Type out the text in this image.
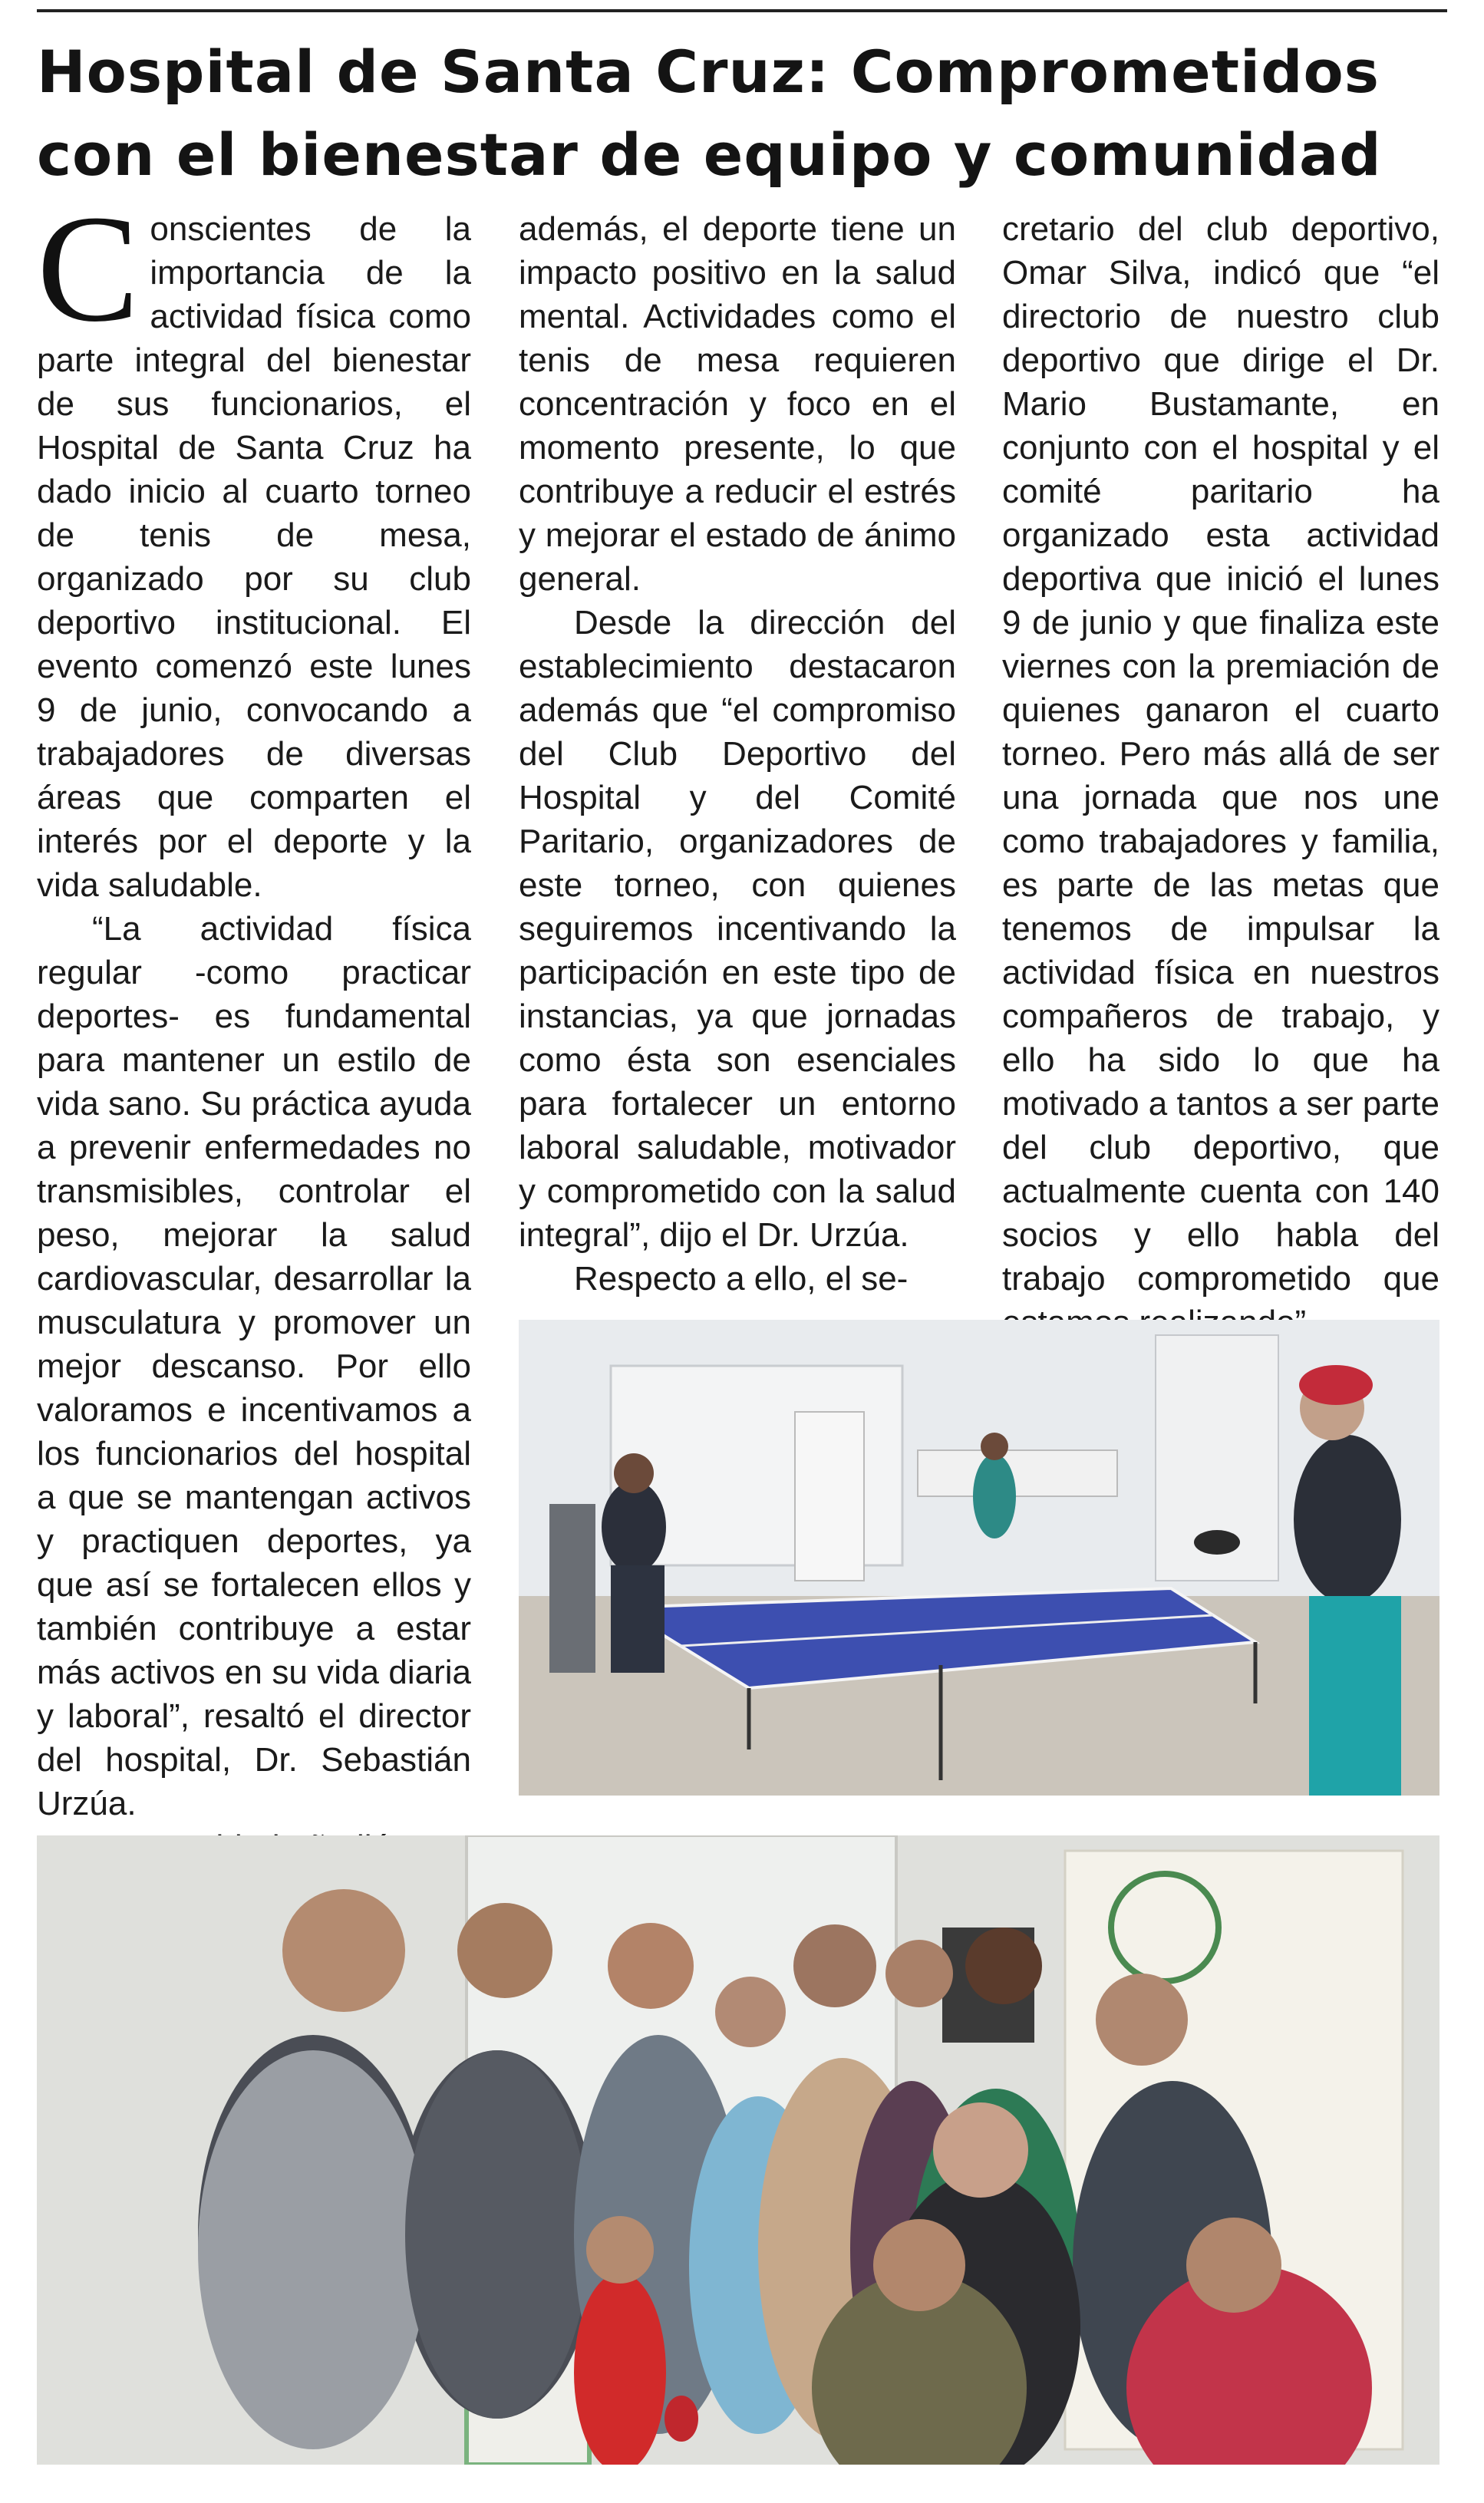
Hospital de Santa Cruz: Comprometidos con el bienestar de equipo y comunidad

Conscientes de la importancia de la actividad física como parte integral del bienestar de sus funcionarios, el Hospital de Santa Cruz ha dado inicio al cuarto torneo de tenis de mesa, organizado por su club deportivo institucional. El evento comenzó este lunes 9 de junio, convocando a trabajadores de diversas áreas que comparten el interés por el deporte y la vida saludable.

“La actividad física regular -como practicar deportes- es fundamental para mantener un estilo de vida sano. Su práctica ayuda a prevenir enfermedades no transmisibles, controlar el peso, mejorar la salud cardiovascular, desarrollar la musculatura y promover un mejor descanso. Por ello valoramos e incentivamos a los funcionarios del hospital a que se mantengan activos y practiquen deportes, ya que así se fortalecen ellos y también contribuye a estar más activos en su vida diaria y laboral”, resaltó el director del hospital, Dr. Sebastián Urzúa.

además, el deporte tiene un impacto positivo en la salud mental. Actividades como el tenis de mesa requieren concentración y foco en el momento presente, lo que contribuye a reducir el estrés y mejorar el estado de ánimo general.

Desde la dirección del establecimiento destacaron además que “el compromiso del Club Deportivo del Hospital y del Comité Paritario, organizadores de este torneo, con quienes seguiremos incentivando la participación en este tipo de instancias, ya que jornadas como ésta son esenciales para fortalecer un entorno laboral saludable, motivador y comprometido con la salud integral”, dijo el Dr. Urzúa.

Respecto a ello, el se-

cretario del club deportivo, Omar Silva, indicó que “el directorio de nuestro club deportivo que dirige el Dr. Mario Bustamante, en conjunto con el hospital y el comité paritario ha organizado esta actividad deportiva que inició el lunes 9 de junio y que finaliza este viernes con la premiación de quienes ganaron el cuarto torneo. Pero más allá de ser una jornada que nos une como trabajadores y familia, es parte de las metas que tenemos de impulsar la actividad física en nuestros compañeros de trabajo, y ello ha sido lo que ha motivado a tantos a ser parte del club deportivo, que actualmente cuenta con 140 socios y ello habla del trabajo comprometido que
